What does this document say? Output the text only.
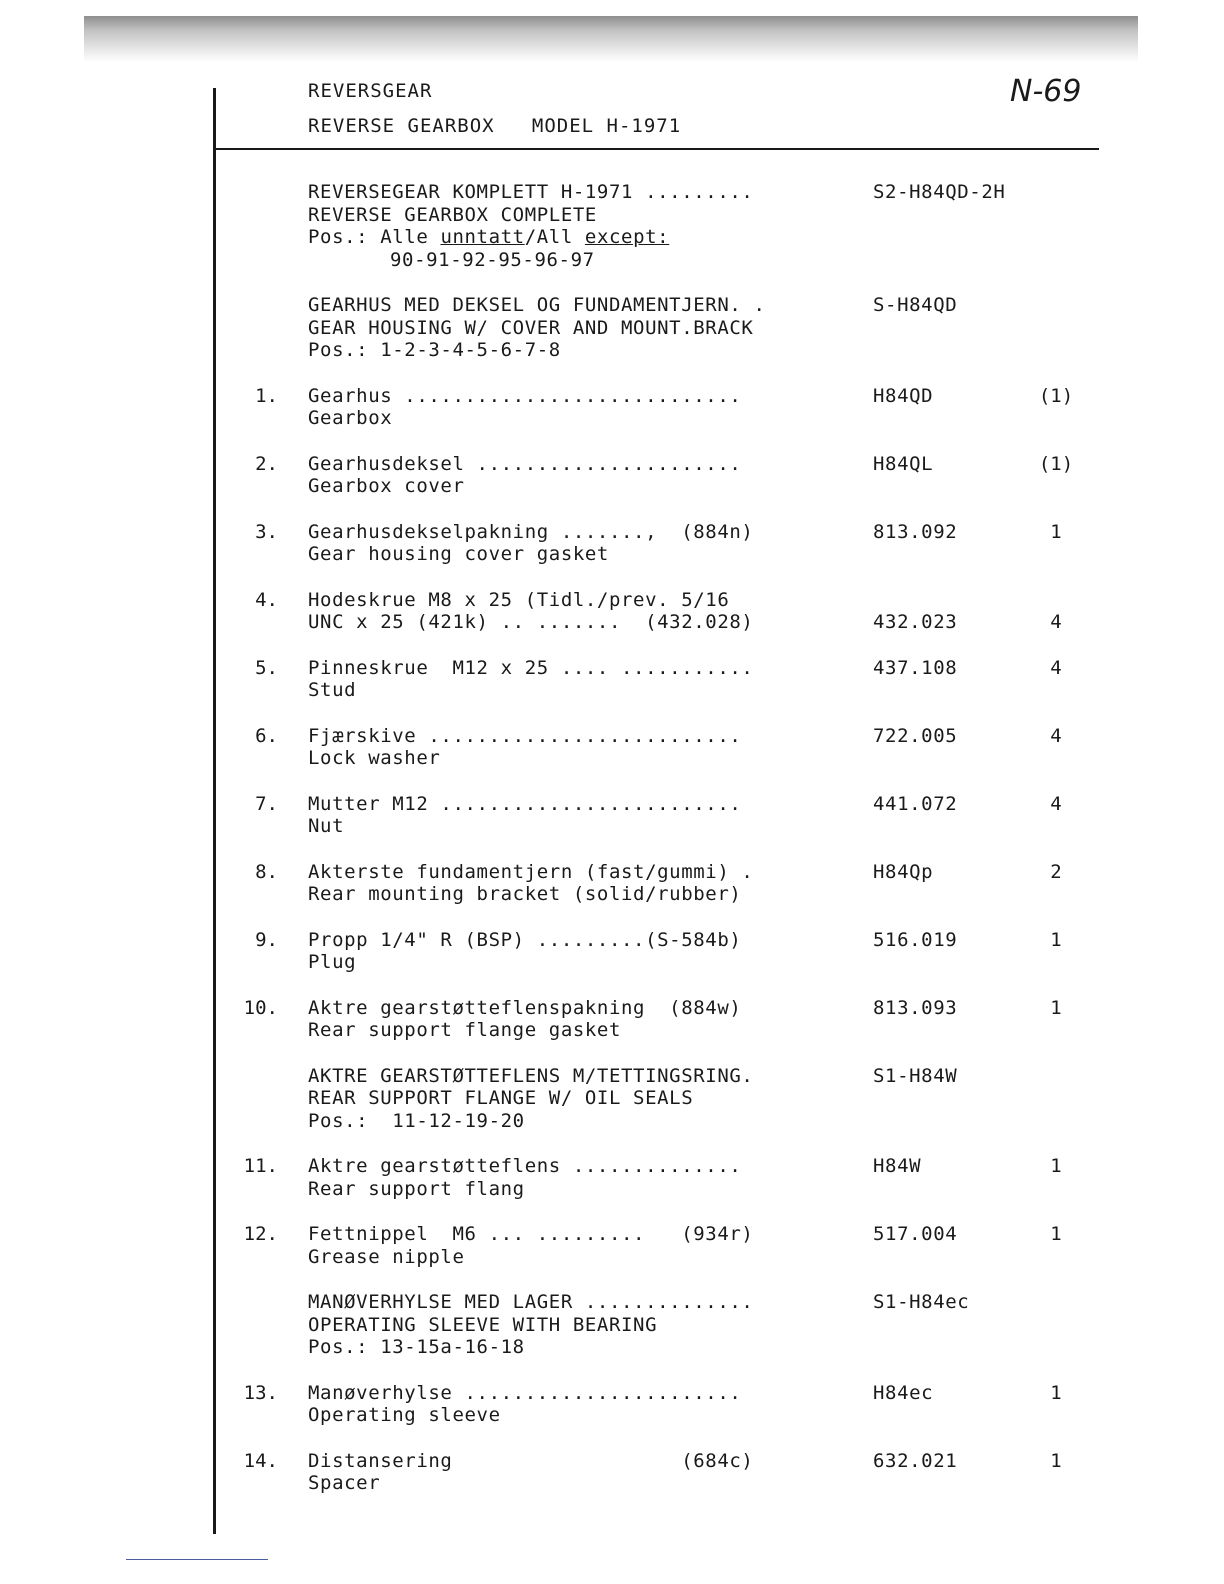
REVERSGEAR
REVERSE GEARBOX   MODEL H-1971
N-69
REVERSEGEAR KOMPLETT H-1971 .........	S2-H84QD-2H
REVERSE GEARBOX COMPLETE
Pos.: Alle unntatt/All except:
90-91-92-95-96-97
GEARHUS MED DEKSEL OG FUNDAMENTJERN. .	S-H84QD
GEAR HOUSING W/ COVER AND MOUNT.BRACK
Pos.: 1-2-3-4-5-6-7-8
1. Gearhus ............................	H84QD	(1)
Gearbox
2. Gearhusdeksel ......................	H84QL	(1)
Gearbox cover
3. Gearhusdekselpakning .......,  (884n)	813.092	1
Gear housing cover gasket
4. Hodeskrue M8 x 25 (Tidl./prev. 5/16
UNC x 25 (421k) .. .......  (432.028)	432.023	4
5. Pinneskrue  M12 x 25 .... ...........	437.108	4
Stud
6. Fjærskive ..........................	722.005	4
Lock washer
7. Mutter M12 .........................	441.072	4
Nut
8. Akterste fundamentjern (fast/gummi) .	H84Qp	2
Rear mounting bracket (solid/rubber)
9. Propp 1/4" R (BSP) .........(S-584b)	516.019	1
Plug
10. Aktre gearstøtteflenspakning  (884w)	813.093	1
Rear support flange gasket
AKTRE GEARSTØTTEFLENS M/TETTINGSRING.	S1-H84W
REAR SUPPORT FLANGE W/ OIL SEALS
Pos.:  11-12-19-20
11. Aktre gearstøtteflens ..............	H84W	1
Rear support flang
12. Fettnippel  M6 ... .........   (934r)	517.004	1
Grease nipple
MANØVERHYLSE MED LAGER ..............	S1-H84ec
OPERATING SLEEVE WITH BEARING
Pos.: 13-15a-16-18
13. Manøverhylse .......................	H84ec	1
Operating sleeve
14. Distansering                   (684c)	632.021	1
Spacer
